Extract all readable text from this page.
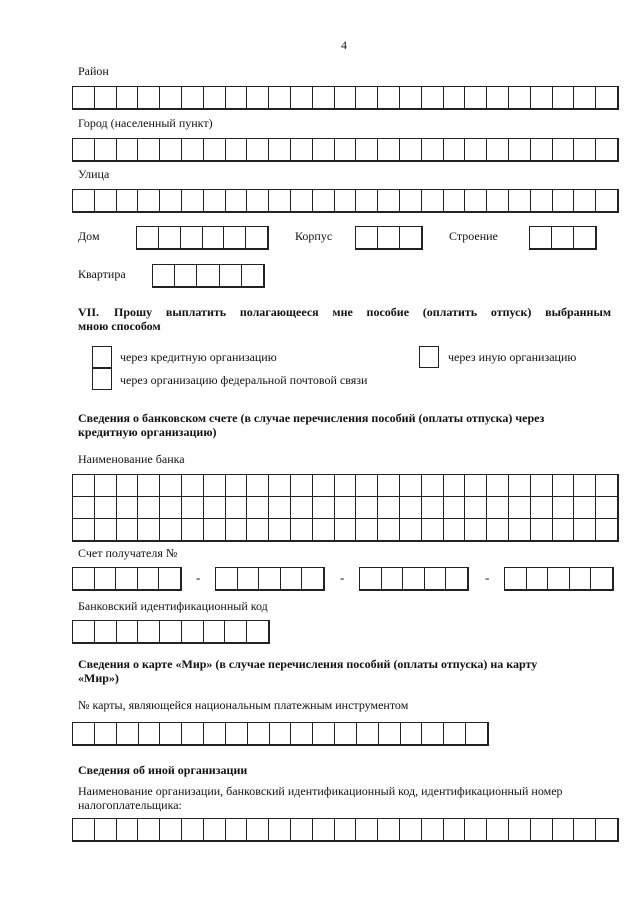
4
Район
Город (населенный пункт)
Улица
Дом	Корпус	Строение
Квартира
VII. Прошу выплатить полагающееся мне пособие (оплатить отпуск) выбранным
мною способом
через кредитную организацию
через организацию федеральной почтовой связи
через иную организацию
Сведения о банковском счете (в случае перечисления пособий (оплаты отпуска) через
кредитную организацию)
Наименование банка
Счет получателя №
-	-	-
Банковский идентификационный код
Сведения о карте «Мир» (в случае перечисления пособий (оплаты отпуска) на карту
«Мир»)
№ карты, являющейся национальным платежным инструментом
Сведения об иной организации
Наименование организации, банковский идентификационный код, идентификационный номер
налогоплательщика:
